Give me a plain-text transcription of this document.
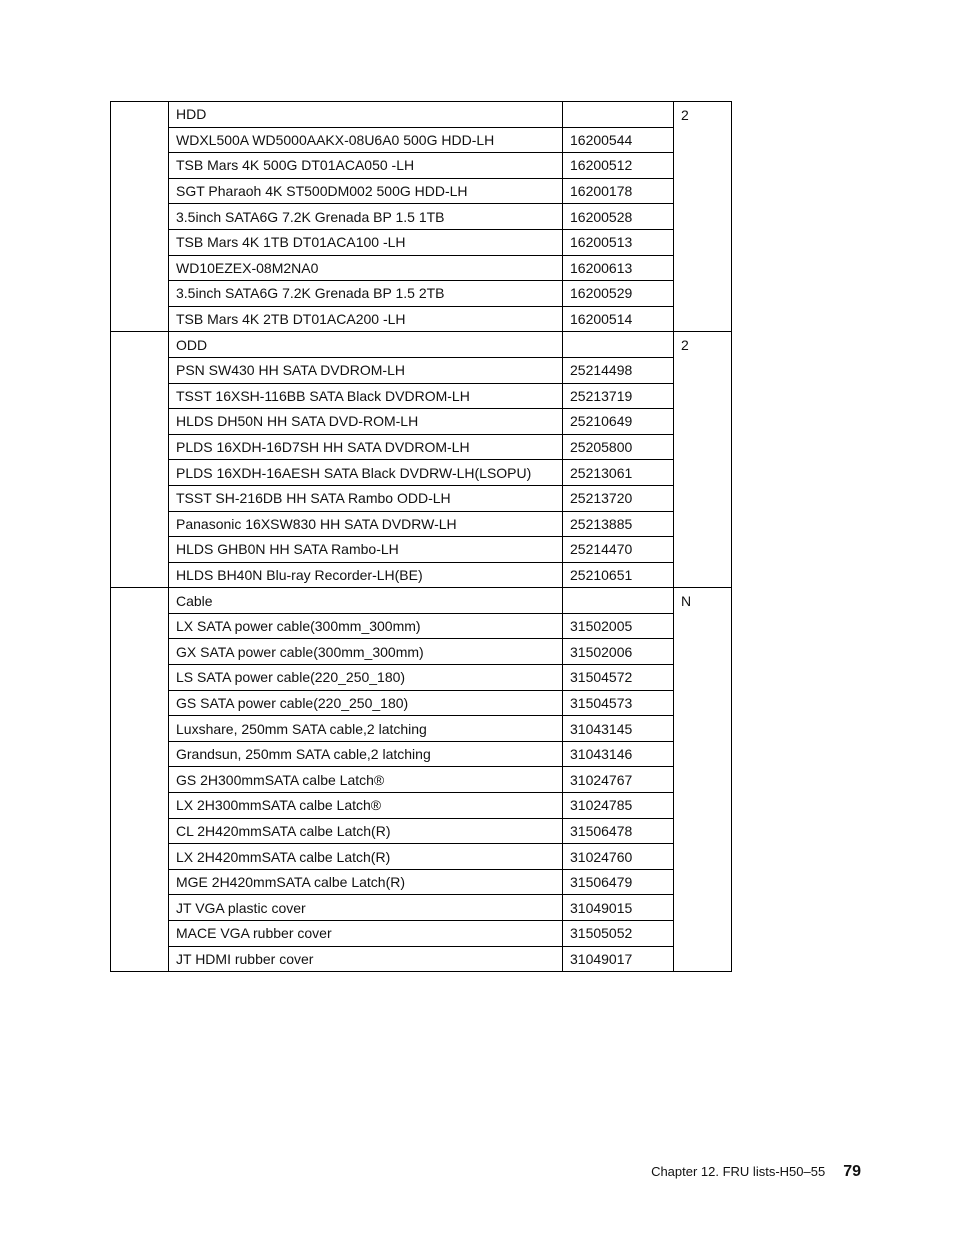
	HDD		2
	WDXL500A WD5000AAKX-08U6A0 500G HDD-LH	16200544	
	TSB Mars 4K 500G DT01ACA050 -LH	16200512	
	SGT Pharaoh 4K ST500DM002 500G HDD-LH	16200178	
	3.5inch SATA6G 7.2K Grenada BP 1.5 1TB	16200528	
	TSB Mars 4K 1TB DT01ACA100 -LH	16200513	
	WD10EZEX-08M2NA0	16200613	
	3.5inch SATA6G 7.2K Grenada BP 1.5 2TB	16200529	
	TSB Mars 4K 2TB DT01ACA200 -LH	16200514	
	ODD		2
	PSN SW430 HH SATA DVDROM-LH	25214498	
	TSST 16XSH-116BB SATA Black DVDROM-LH	25213719	
	HLDS DH50N HH SATA DVD-ROM-LH	25210649	
	PLDS 16XDH-16D7SH HH SATA DVDROM-LH	25205800	
	PLDS 16XDH-16AESH SATA Black DVDRW-LH(LSOPU)	25213061	
	TSST SH-216DB HH SATA Rambo ODD-LH	25213720	
	Panasonic 16XSW830 HH SATA DVDRW-LH	25213885	
	HLDS GHB0N HH SATA Rambo-LH	25214470	
	HLDS BH40N Blu-ray Recorder-LH(BE)	25210651	
	Cable		N
	LX SATA power cable(300mm_300mm)	31502005	
	GX SATA power cable(300mm_300mm)	31502006	
	LS SATA power cable(220_250_180)	31504572	
	GS SATA power cable(220_250_180)	31504573	
	Luxshare, 250mm SATA cable,2 latching	31043145	
	Grandsun, 250mm SATA cable,2 latching	31043146	
	GS 2H300mmSATA calbe Latch®	31024767	
	LX 2H300mmSATA calbe Latch®	31024785	
	CL 2H420mmSATA calbe Latch(R)	31506478	
	LX 2H420mmSATA calbe Latch(R)	31024760	
	MGE 2H420mmSATA calbe Latch(R)	31506479	
	JT VGA plastic cover	31049015	
	MACE VGA rubber cover	31505052	
	JT HDMI rubber cover	31049017	
Chapter 12. FRU lists-H50–55 79
